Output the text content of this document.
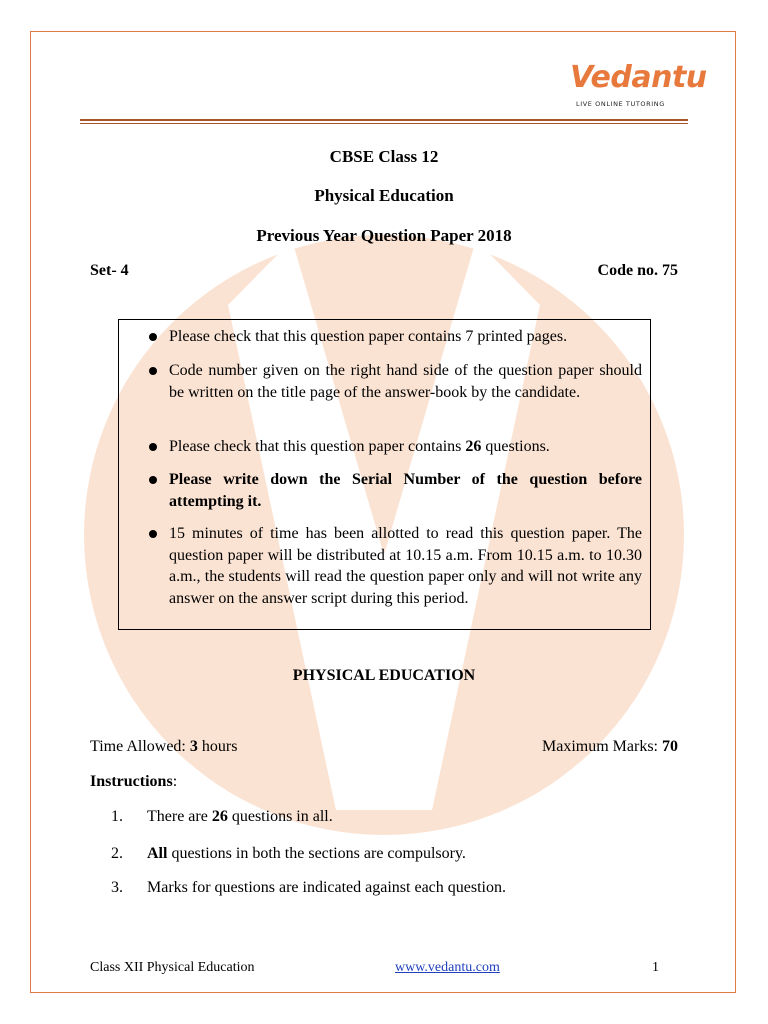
Vedantu
LIVE ONLINE TUTORING
CBSE Class 12
Physical Education
Previous Year Question Paper 2018
Set- 4	Code no. 75
Please check that this question paper contains 7 printed pages.
Code number given on the right hand side of the question paper should be written on the title page of the answer-book by the candidate.
Please check that this question paper contains 26 questions.
Please write down the Serial Number of the question before attempting it.
15 minutes of time has been allotted to read this question paper. The question paper will be distributed at 10.15 a.m. From 10.15 a.m. to 10.30 a.m., the students will read the question paper only and will not write any answer on the answer script during this period.
PHYSICAL EDUCATION
Time Allowed: 3 hours	Maximum Marks: 70
Instructions:
1. There are 26 questions in all.
2. All questions in both the sections are compulsory.
3. Marks for questions are indicated against each question.
Class XII Physical Education	www.vedantu.com	1
